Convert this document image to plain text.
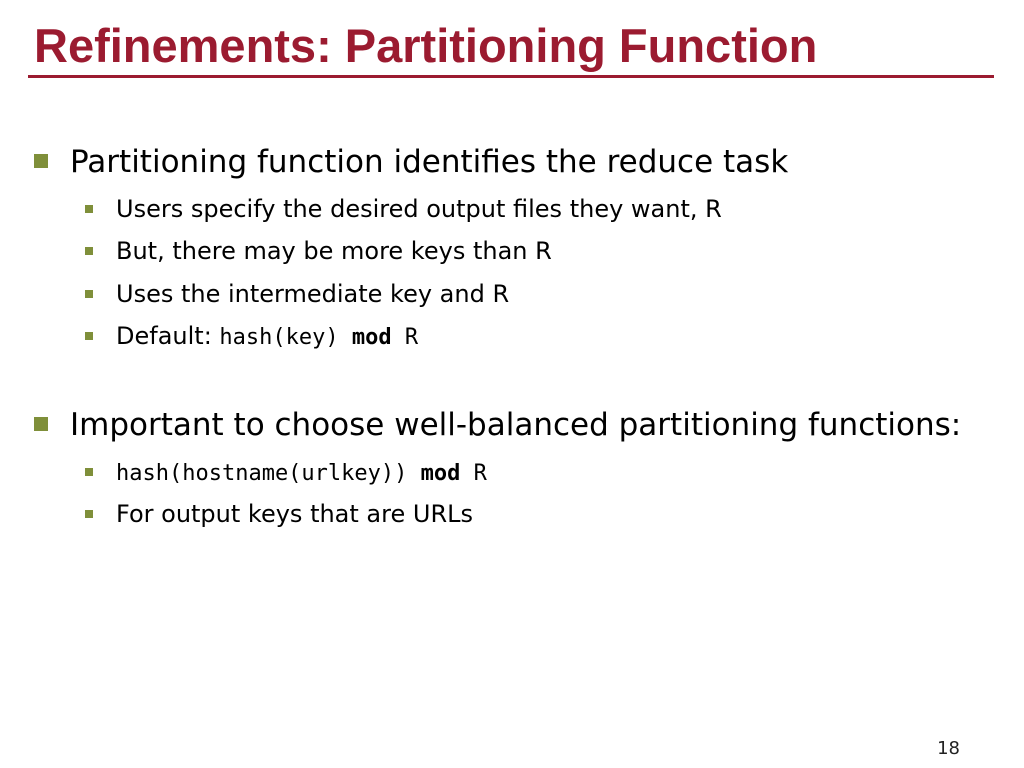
Refinements: Partitioning Function
Partitioning function identifies the reduce task
Users specify the desired output files they want, R
But, there may be more keys than R
Uses the intermediate key and R
Default: hash(key) mod R
Important to choose well-balanced partitioning functions:
hash(hostname(urlkey)) mod R
For output keys that are URLs
18
